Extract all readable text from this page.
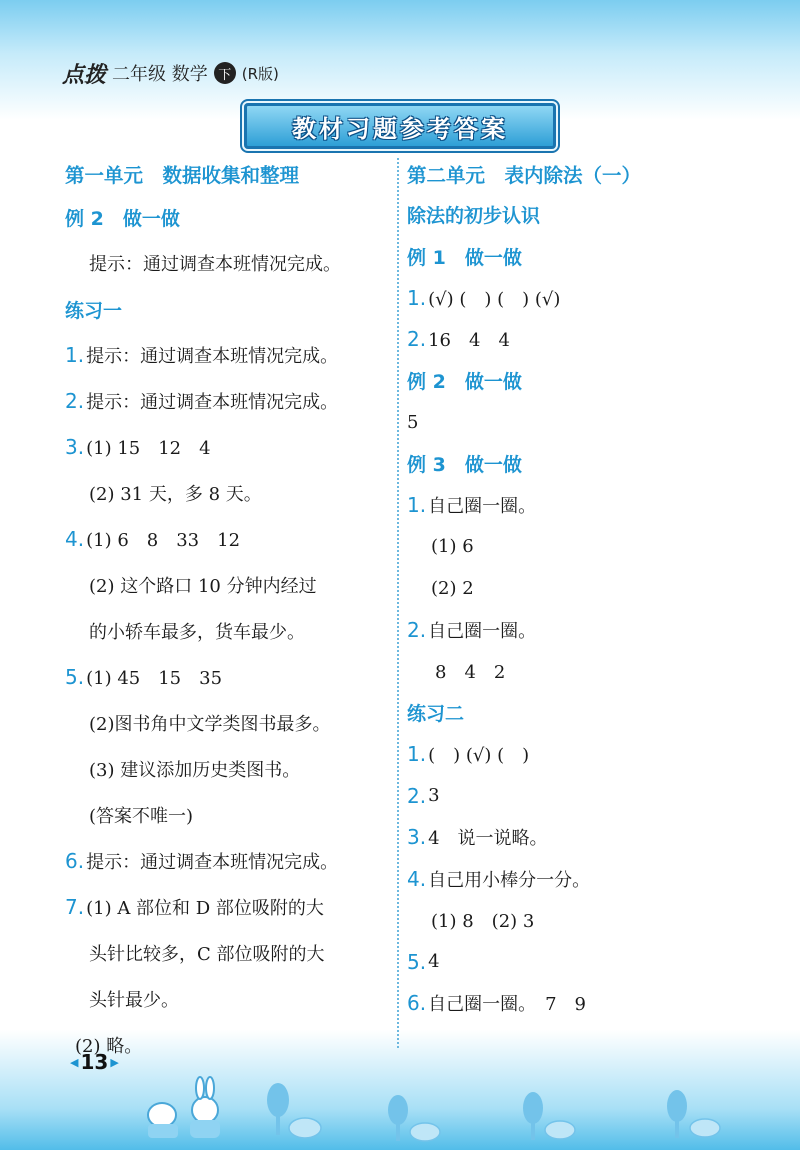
点拨 二年级 数学 下 (R版)
教材习题参考答案
第一单元　数据收集和整理
例 2　做一做
提示：通过调查本班情况完成。
练习一
1. 提示：通过调查本班情况完成。
2. 提示：通过调查本班情况完成。
3. (1) 15　12　4
(2) 31 天，多 8 天。
4. (1) 6　8　33　12
(2) 这个路口 10 分钟内经过
的小轿车最多，货车最少。
5. (1) 45　15　35
(2)图书角中文学类图书最多。
(3) 建议添加历史类图书。
(答案不唯一)
6. 提示：通过调查本班情况完成。
7. (1) A 部位和 D 部位吸附的大
头针比较多，C 部位吸附的大
头针最少。
(2) 略。
第二单元　表内除法（一）
除法的初步认识
例 1　做一做
1. (√) (　) (　) (√)
2. 16　4　4
例 2　做一做
5
例 3　做一做
1. 自己圈一圈。
(1) 6
(2) 2
2. 自己圈一圈。
8　4　2
练习二
1. (　) (√) (　)
2. 3
3. 4　说一说略。
4. 自己用小棒分一分。
(1) 8　(2) 3
5. 4
6. 自己圈一圈。　7　9
◀ 13 ▶
